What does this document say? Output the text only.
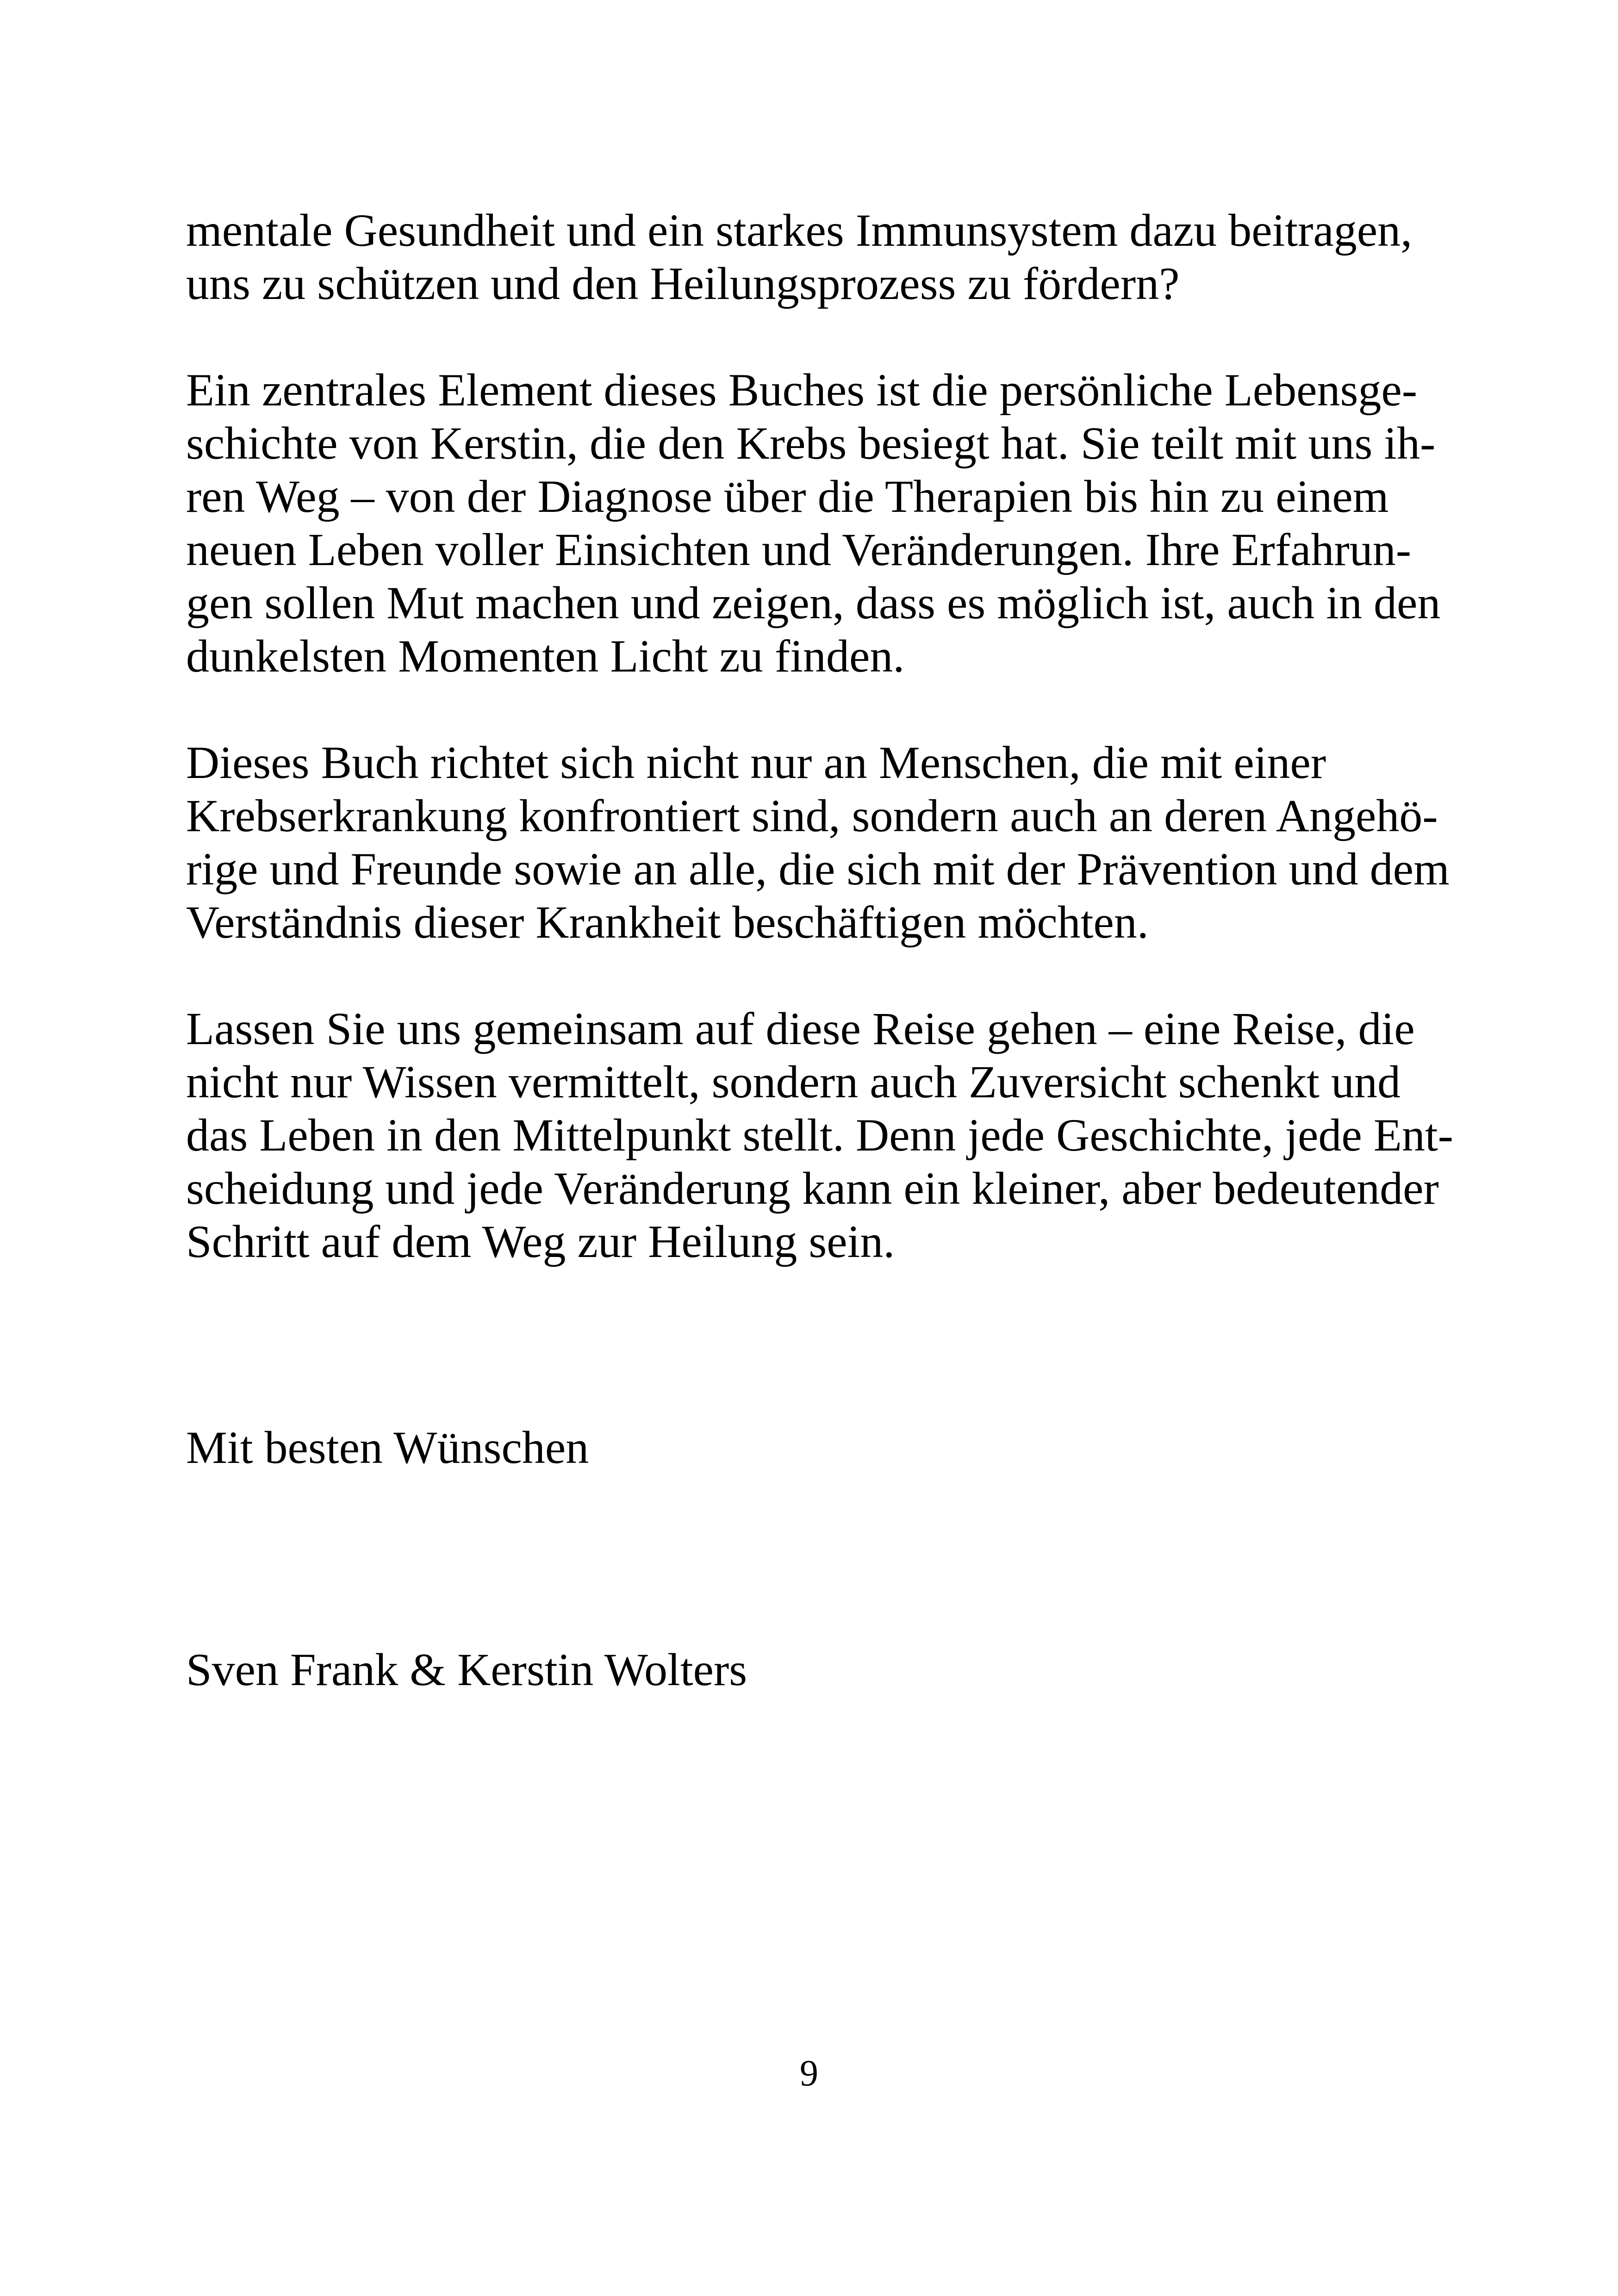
mentale Gesundheit und ein starkes Immunsystem dazu beitragen,
uns zu schützen und den Heilungsprozess zu fördern?
Ein zentrales Element dieses Buches ist die persönliche Lebensge-
schichte von Kerstin, die den Krebs besiegt hat. Sie teilt mit uns ih-
ren Weg – von der Diagnose über die Therapien bis hin zu einem
neuen Leben voller Einsichten und Veränderungen. Ihre Erfahrun-
gen sollen Mut machen und zeigen, dass es möglich ist, auch in den
dunkelsten Momenten Licht zu finden.
Dieses Buch richtet sich nicht nur an Menschen, die mit einer
Krebserkrankung konfrontiert sind, sondern auch an deren Angehö-
rige und Freunde sowie an alle, die sich mit der Prävention und dem
Verständnis dieser Krankheit beschäftigen möchten.
Lassen Sie uns gemeinsam auf diese Reise gehen – eine Reise, die
nicht nur Wissen vermittelt, sondern auch Zuversicht schenkt und
das Leben in den Mittelpunkt stellt. Denn jede Geschichte, jede Ent-
scheidung und jede Veränderung kann ein kleiner, aber bedeutender
Schritt auf dem Weg zur Heilung sein.
Mit besten Wünschen
Sven Frank & Kerstin Wolters
9
